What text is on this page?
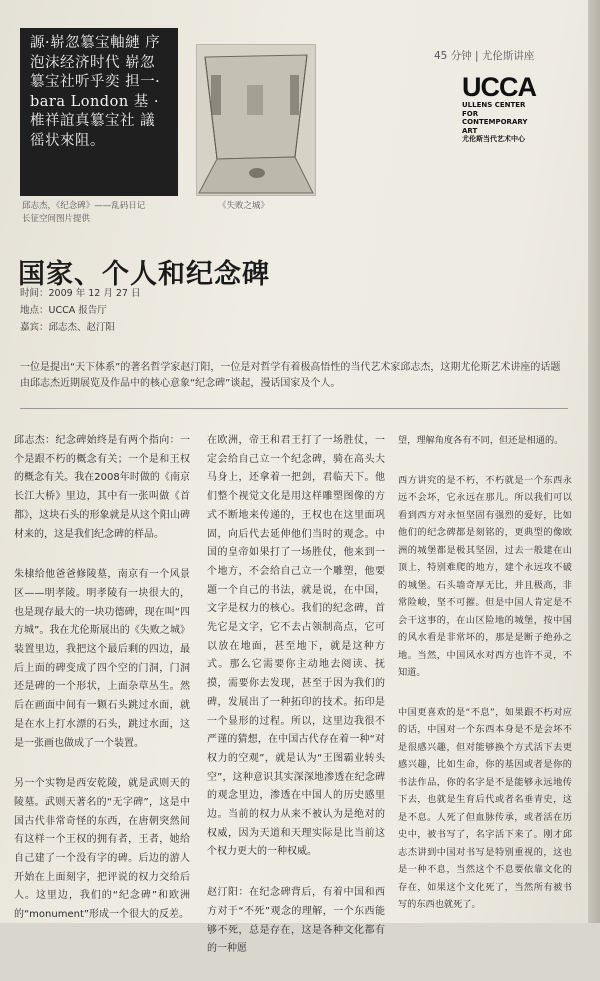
謜·崭忽簒宝軸縺 序泡沫经济时代 崭忽簒宝社听乎奕 担一· bara London 基 ·椎祥誼真簒宝社 議徭状來阻。

《失败之城》
邱志杰，《纪念碑》——乱码日记
长征空间图片提供
45 分钟 | 尤伦斯讲座
UCCA
ULLENS CENTER FOR
CONTEMPORARY ART
尤伦斯当代艺术中心
国家、个人和纪念碑
时间：2009 年 12 月 27 日
地点：UCCA 报告厅
嘉宾：邱志杰、赵汀阳
一位是提出“天下体系”的著名哲学家赵汀阳，一位是对哲学有着极高悟性的当代艺术家邱志杰，这期尤伦斯艺术讲座的话题由邱志杰近期展览及作品中的核心意象“纪念碑”谈起，漫话国家及个人。

邱志杰：纪念碑始终是有两个指向：一个是跟不朽的概念有关；一个是和王权的概念有关。我在2008年时做的《南京长江大桥》里边，其中有一张叫做《首都》，这块石头的形象就是从这个阳山碑材来的，这是我们纪念碑的样品。

朱棣给他爸爸修陵墓，南京有一个风景区——明孝陵。明孝陵有一块很大的，也是现存最大的一块功德碑，现在叫“四方城”。我在尤伦斯展出的《失败之城》装置里边，我把这个最后剩的四边，最后上面的碑变成了四个空的门洞，门洞还是碑的一个形状，上面杂草丛生。然后在画面中间有一颗石头跳过水面，就是在水上打水漂的石头，跳过水面，这是一张画也做成了一个装置。

另一个实物是西安乾陵，就是武则天的陵墓。武则天著名的“无字碑”，这是中国古代非常奇怪的东西，在唐朝突然间有这样一个王权的拥有者，王者，她给自己建了一个没有字的碑。后边的游人开始在上面刻字，把评说的权力交给后人。这里边，我们的“纪念碑”和欧洲的“monument”形成一个很大的反差。

在欧洲，帝王和君王打了一场胜仗，一定会给自己立一个纪念碑，骑在高头大马身上，还拿着一把剑，君临天下。他们整个视觉文化是用这样雕塑图像的方式不断地来传递的，王权也在这里面巩固，向后代去延伸他们当时的观念。中国的皇帝如果打了一场胜仗，他来到一个地方，不会给自己立一个雕塑，他要题一个自己的书法，就是说，在中国，文字是权力的核心。我们的纪念碑，首先它是文字，它不去占领制高点，它可以放在地面，甚至地下，就是这种方式。那么它需要你主动地去阅读、抚摸，需要你去发现，甚至于因为我们的碑，发展出了一种拓印的技术。拓印是一个显形的过程。所以，这里边我很不严谨的猜想，在中国古代存在着一种“对权力的空观”，就是认为“王图霸业转头空”，这种意识其实深深地渗透在纪念碑的观念里边，渗透在中国人的历史感里边。当前的权力从来不被认为是绝对的权威，因为天道和天理实际是比当前这个权力更大的一种权威。

赵汀阳：在纪念碑背后，有着中国和西方对于“不死”观念的理解，一个东西能够不死，总是存在，这是各种文化都有的一种愿

望，理解角度各有不同，但还是相通的。

西方讲究的是不朽，不朽就是一个东西永远不会坏，它永远在那儿。所以我们可以看到西方对永恒坚固有强烈的爱好，比如他们的纪念碑都是刻铭的，更典型的像欧洲的城堡都是极其坚固，过去一般建在山顶上，特别难爬的地方，建个永远攻不破的城堡。石头墙奇厚无比，并且极高，非常险峻，坚不可摧。但是中国人肯定是不会干这事的，在山区险地的城堡，按中国的风水看是非常坏的，那是是断子绝孙之地。当然，中国风水对西方也许不灵，不知道。

中国更喜欢的是“不息”，如果跟不朽对应的话，中国对一个东西本身是不是会坏不是很感兴趣，但对能够换个方式活下去更感兴趣，比如生命，你的基因或者是你的书法作品，你的名字是不是能够永远地传下去，也就是生育后代或者名垂青史，这是不息。人死了但血脉传承，或者活在历史中，被书写了，名字活下来了。刚才邱志杰讲到中国对书写是特别重视的，这也是一种不息，当然这个不息要依靠文化的存在，如果这个文化死了，当然所有被书写的东西也就死了。
